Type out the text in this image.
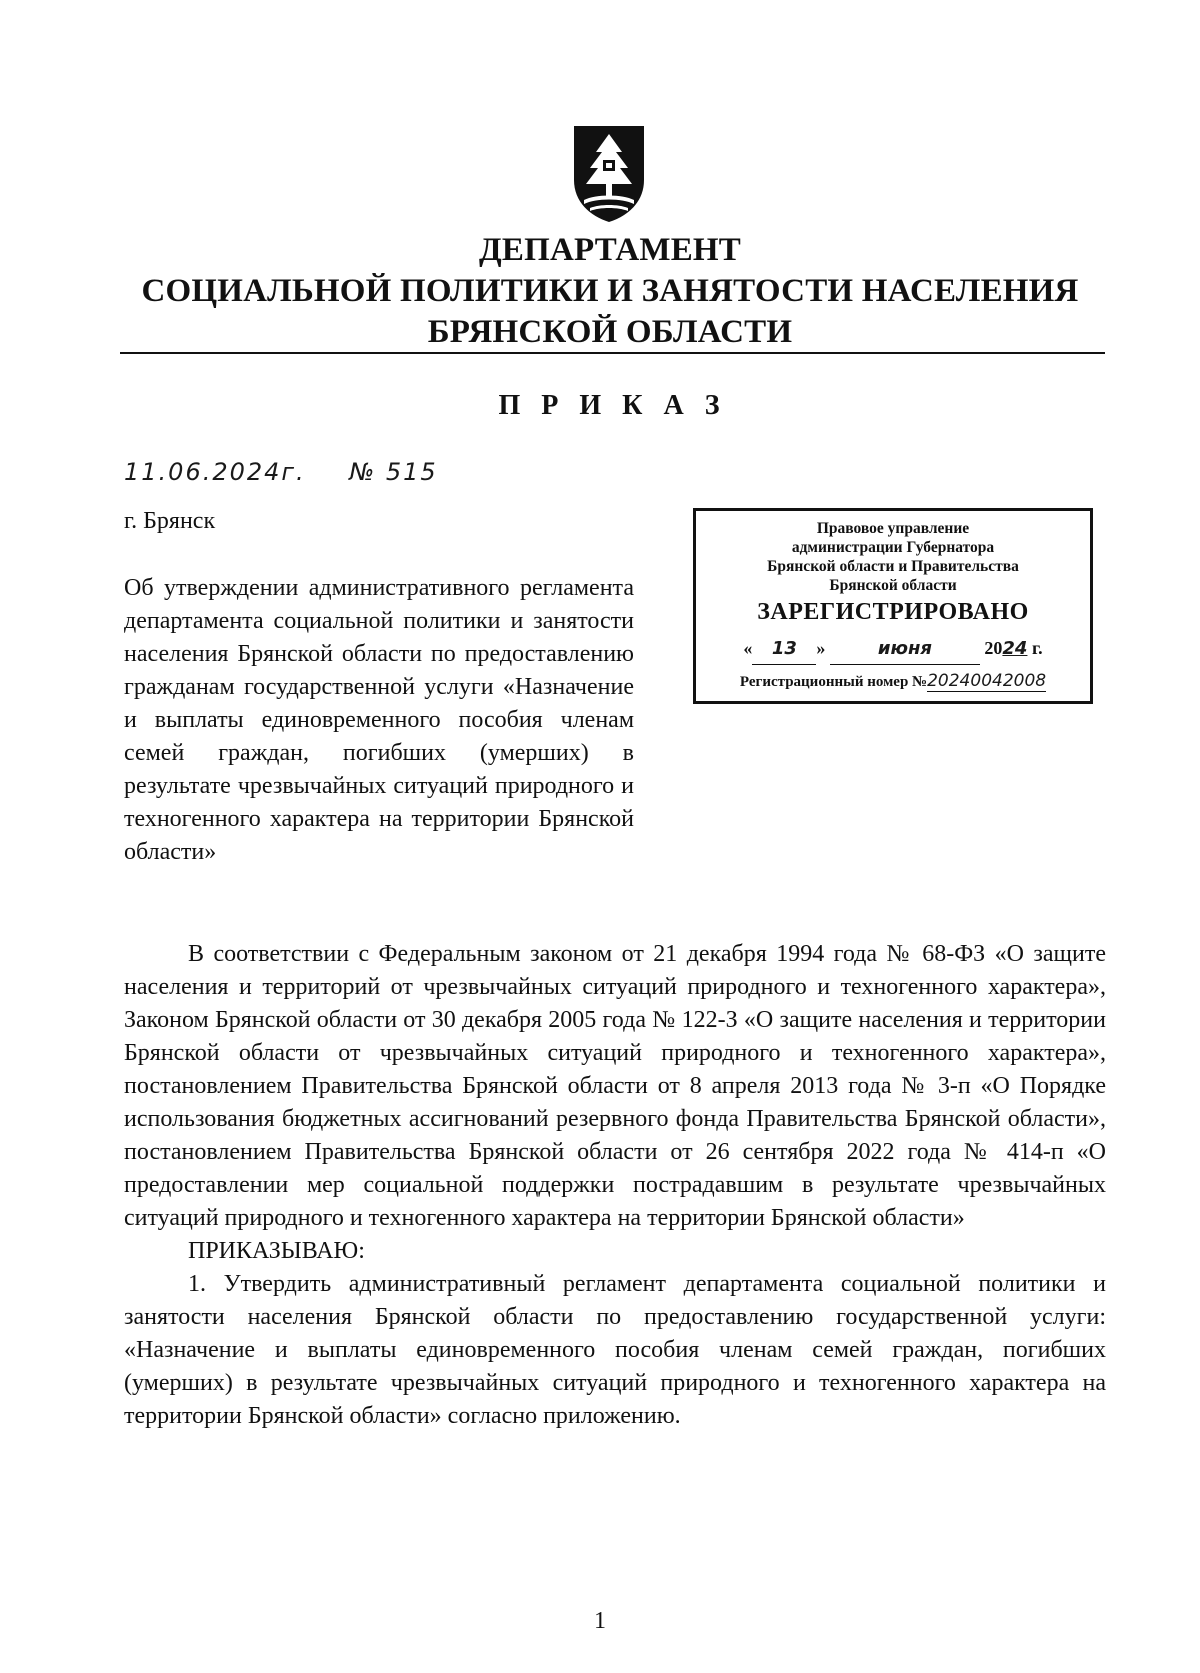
ДЕПАРТАМЕНТ
СОЦИАЛЬНОЙ ПОЛИТИКИ И ЗАНЯТОСТИ НАСЕЛЕНИЯ
БРЯНСКОЙ ОБЛАСТИ
П Р И К А З
11.06.2024г. № 515
г. Брянск
Об утверждении административного регламента департамента социальной политики и занятости населения Брянской области по предоставлению гражданам государственной услуги «Назначение и выплаты единовременного пособия членам семей граждан, погибших (умерших) в результате чрезвычайных ситуаций природного и техногенного характера на территории Брянской области»
Правовое управление
администрации Губернатора
Брянской области и Правительства
Брянской области
ЗАРЕГИСТРИРОВАНО
« 13 »	июня	2024 г.
Регистрационный номер №20240042008

В соответствии с Федеральным законом от 21 декабря 1994 года № 68-ФЗ «О защите населения и территорий от чрезвычайных ситуаций природного и техногенного характера», Законом Брянской области от 30 декабря 2005 года № 122-З «О защите населения и территории Брянской области от чрезвычайных ситуаций природного и техногенного характера», постановлением Правительства Брянской области от 8 апреля 2013 года № 3-п «О Порядке использования бюджетных ассигнований резервного фонда Правительства Брянской области», постановлением Правительства Брянской области от 26 сентября 2022 года № 414-п «О предоставлении мер социальной поддержки пострадавшим в результате чрезвычайных ситуаций природного и техногенного характера на территории Брянской области»

ПРИКАЗЫВАЮ:

1. Утвердить административный регламент департамента социальной политики и занятости населения Брянской области по предоставлению государственной услуги: «Назначение и выплаты единовременного пособия членам семей граждан, погибших (умерших) в результате чрезвычайных ситуаций природного и техногенного характера на территории Брянской области» согласно приложению.

1
